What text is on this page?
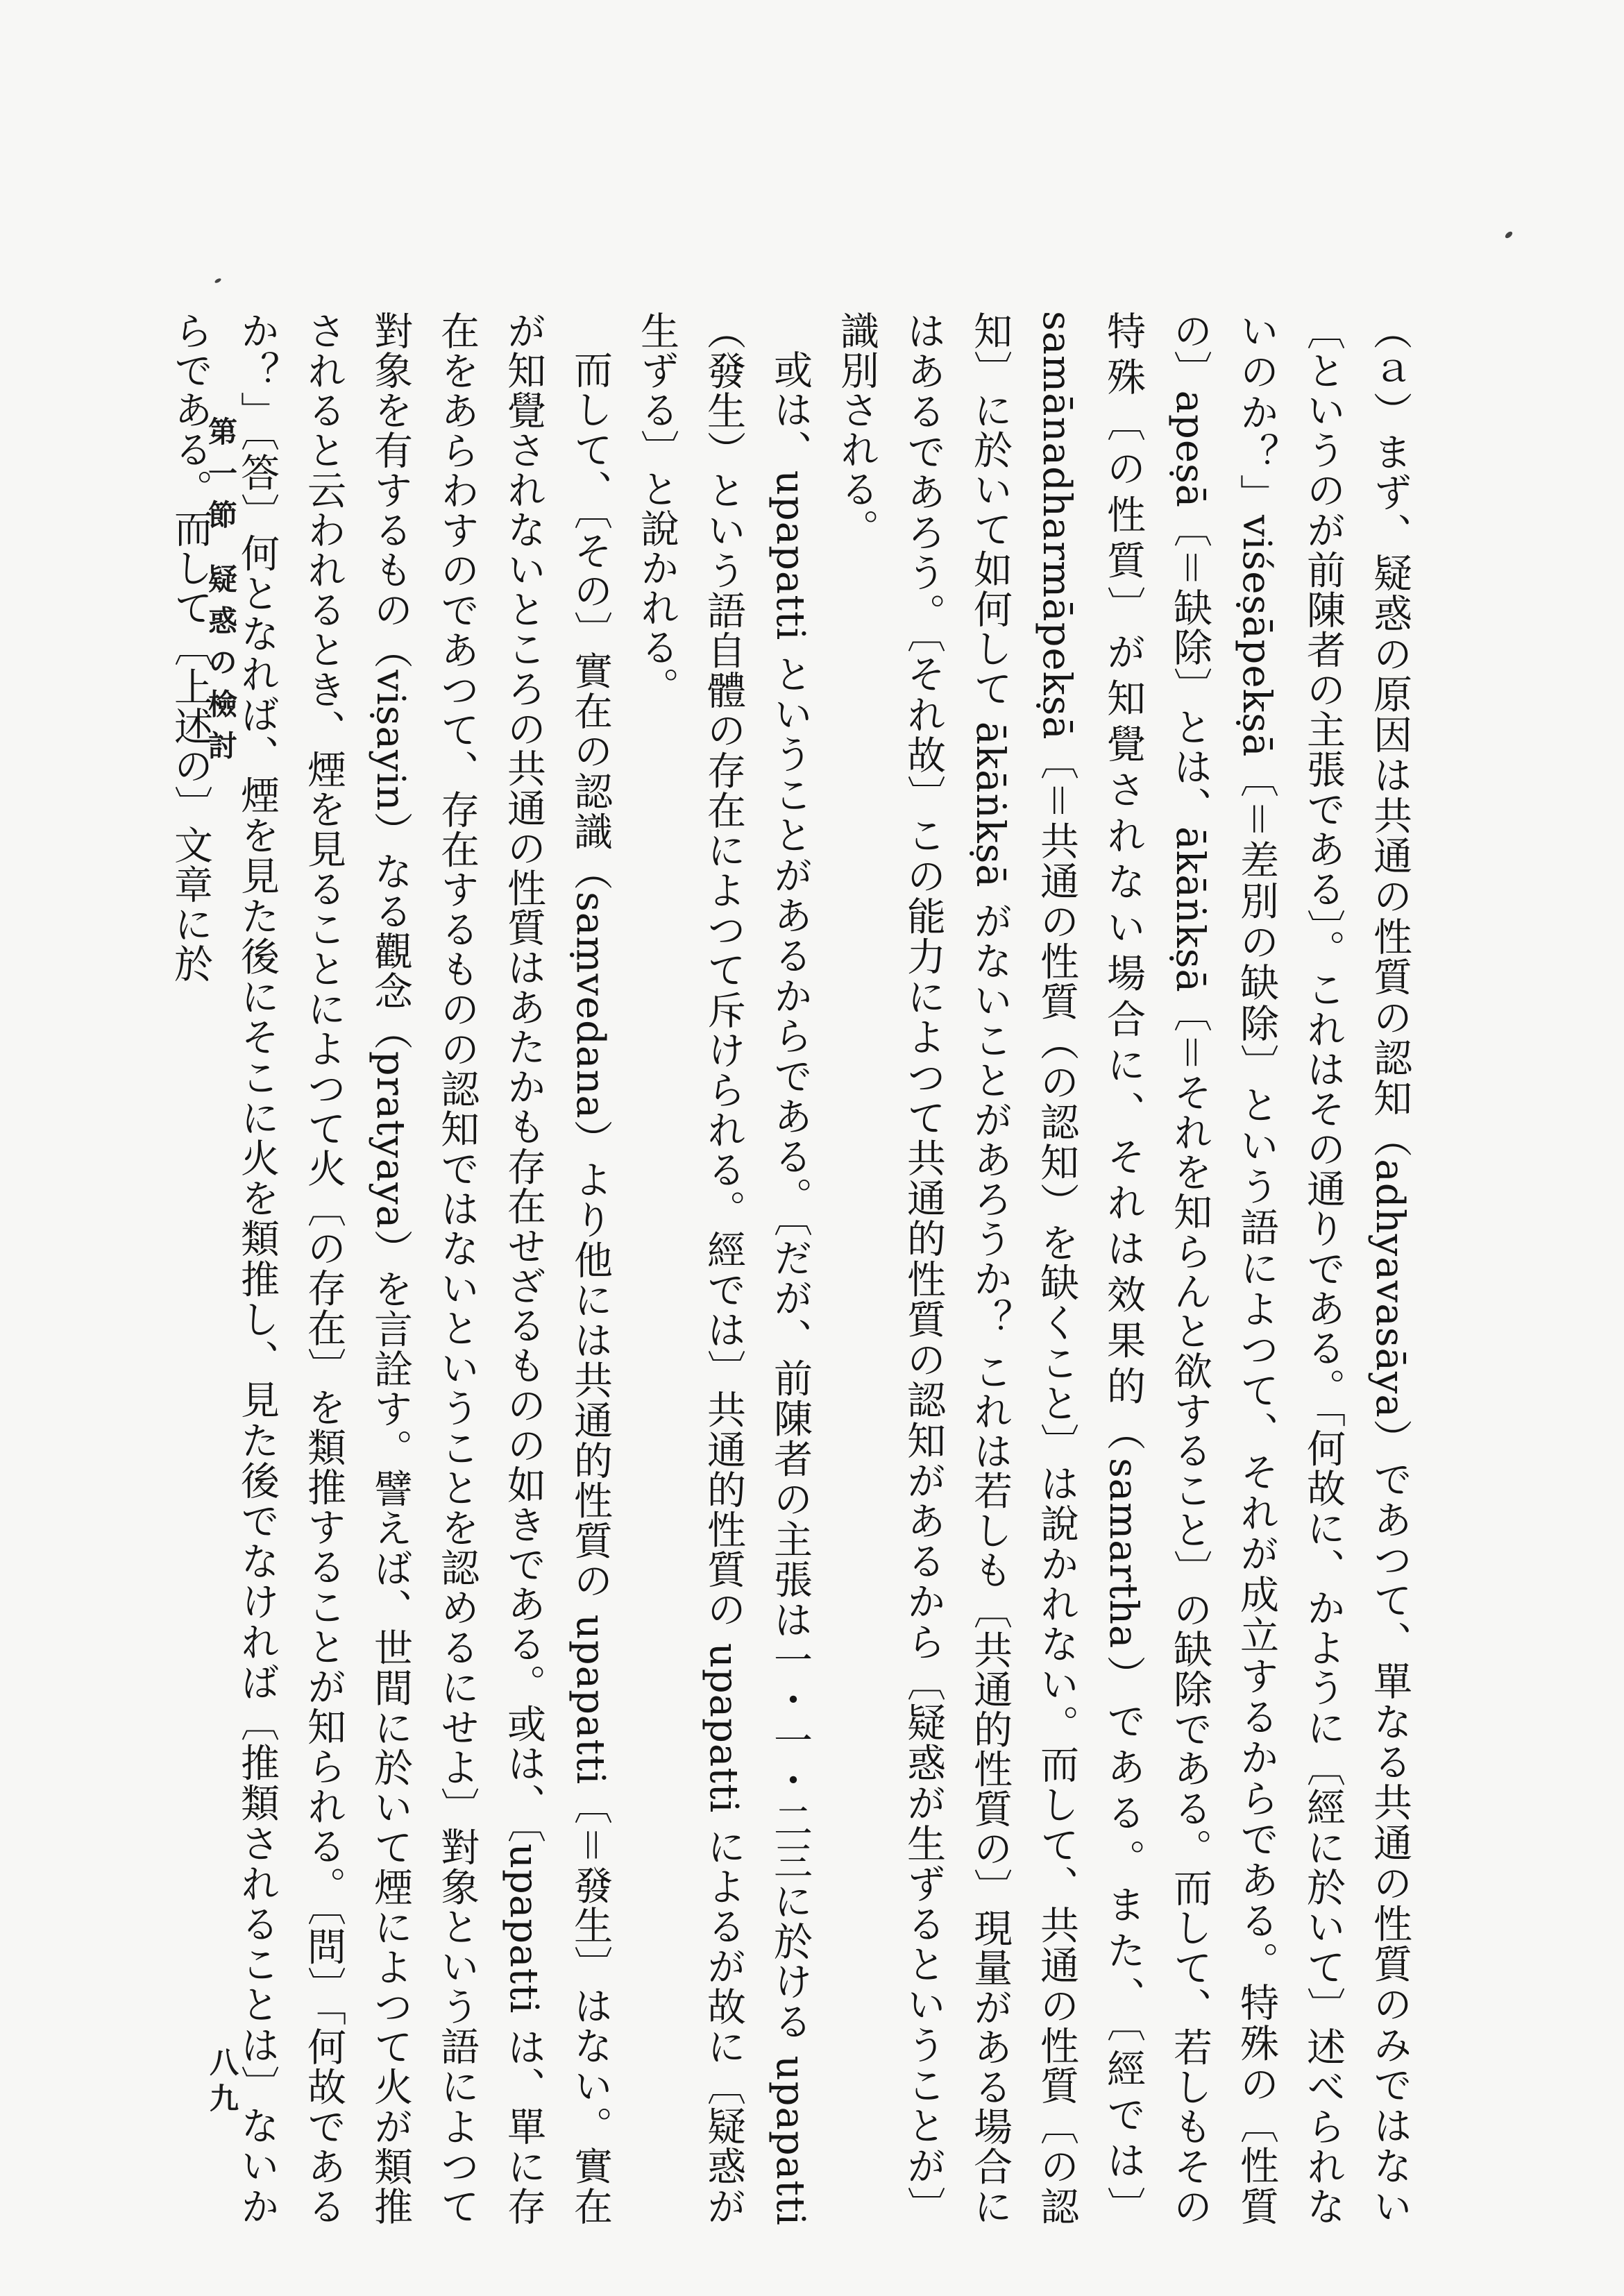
（ａ）まず、疑惑の原因は共通の性質の認知（adhyavasāya）であつて、單なる共通の性質のみではない〔というのが前陳者の主張である〕。これはその通りである。「何故に、かように〔經に於いて〕述べられないのか？」viśeṣāpekṣā〔＝差別の缺除〕という語によつて、それが成立するからである。特殊の〔性質の〕apeṣā〔＝缺除〕とは、ākāṅkṣā〔＝それを知らんと欲すること〕の缺除である。而して、若しもその特殊〔の性質〕が知覺されない場合に、それは效果的（samartha）である。また、〔經では〕samānadharmāpekṣā〔＝共通の性質（の認知）を缺くこと〕は說かれない。而して、共通の性質〔の認知〕に於いて如何して ākāṅkṣā がないことがあろうか？ これは若しも〔共通的性質の〕現量がある場合にはあるであろう。〔それ故〕この能力によつて共通的性質の認知があるから〔疑惑が生ずるということが〕識別される。

或は、upapatti ということがあるからである。〔だが、前陳者の主張は一・一・二三に於ける upapatti（發生）という語自體の存在によつて斥けられる。經では〕共通的性質の upapatti によるが故に〔疑惑が生ずる〕と說かれる。

而して、〔その〕實在の認識（saṃvedana）より他には共通的性質の upapatti〔＝發生〕はない。實在が知覺されないところの共通の性質はあたかも存在せざるものの如きである。或は、〔upapatti は、單に存在をあらわすのであつて、存在するものの認知ではないということを認めるにせよ〕對象という語によつて對象を有するもの（viṣayin）なる觀念（pratyaya）を言詮す。譬えば、世間に於いて煙によつて火が類推されると云われるとき、煙を見ることによつて火〔の存在〕を類推することが知られる。〔問〕「何故であるか？」〔答〕何となれば、煙を見た後にそこに火を類推し、見た後でなければ〔推類されることは〕ないからである。而して〔上述の〕文章に於

第一節 疑惑の檢討
八九
